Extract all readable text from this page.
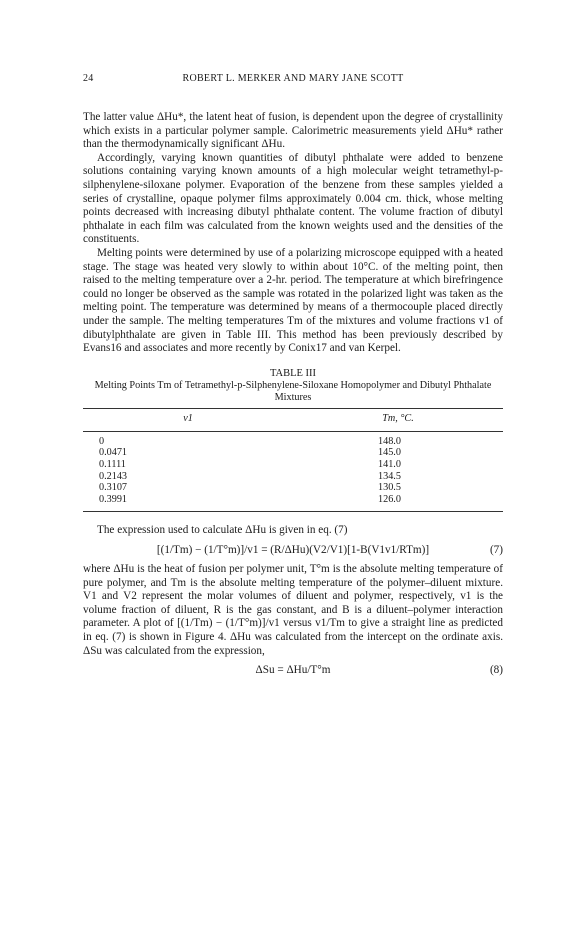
24	ROBERT L. MERKER AND MARY JANE SCOTT

The latter value ΔHu*, the latent heat of fusion, is dependent upon the degree of crystallinity which exists in a particular polymer sample. Calorimetric measurements yield ΔHu* rather than the thermodynamically significant ΔHu.

Accordingly, varying known quantities of dibutyl phthalate were added to benzene solutions containing varying known amounts of a high molecular weight tetramethyl-p-silphenylene-siloxane polymer. Evaporation of the benzene from these samples yielded a series of crystalline, opaque polymer films approximately 0.004 cm. thick, whose melting points decreased with increasing dibutyl phthalate content. The volume fraction of dibutyl phthalate in each film was calculated from the known weights used and the densities of the constituents.

Melting points were determined by use of a polarizing microscope equipped with a heated stage. The stage was heated very slowly to within about 10°C. of the melting point, then raised to the melting temperature over a 2-hr. period. The temperature at which birefringence could no longer be observed as the sample was rotated in the polarized light was taken as the melting point. The temperature was determined by means of a thermocouple placed directly under the sample. The melting temperatures Tm of the mixtures and volume fractions v1 of dibutylphthalate are given in Table III. This method has been previously described by Evans16 and associates and more recently by Conix17 and van Kerpel.

TABLE III
Melting Points Tm of Tetramethyl-p-Silphenylene-Siloxane Homopolymer and Dibutyl Phthalate Mixtures
v1	Tm, °C.
0	148.0
0.0471	145.0
0.1111	141.0
0.2143	134.5
0.3107	130.5
0.3991	126.0

The expression used to calculate ΔHu is given in eq. (7)

[(1/Tm) − (1/T°m)]/v1 = (R/ΔHu)(V2/V1)[1-B(V1v1/RTm)]	(7)

where ΔHu is the heat of fusion per polymer unit, T°m is the absolute melting temperature of pure polymer, and Tm is the absolute melting temperature of the polymer–diluent mixture. V1 and V2 represent the molar volumes of diluent and polymer, respectively, v1 is the volume fraction of diluent, R is the gas constant, and B is a diluent–polymer interaction parameter. A plot of [(1/Tm) − (1/T°m)]/v1 versus v1/Tm to give a straight line as predicted in eq. (7) is shown in Figure 4. ΔHu was calculated from the intercept on the ordinate axis. ΔSu was calculated from the expression,

ΔSu = ΔHu/T°m	(8)
